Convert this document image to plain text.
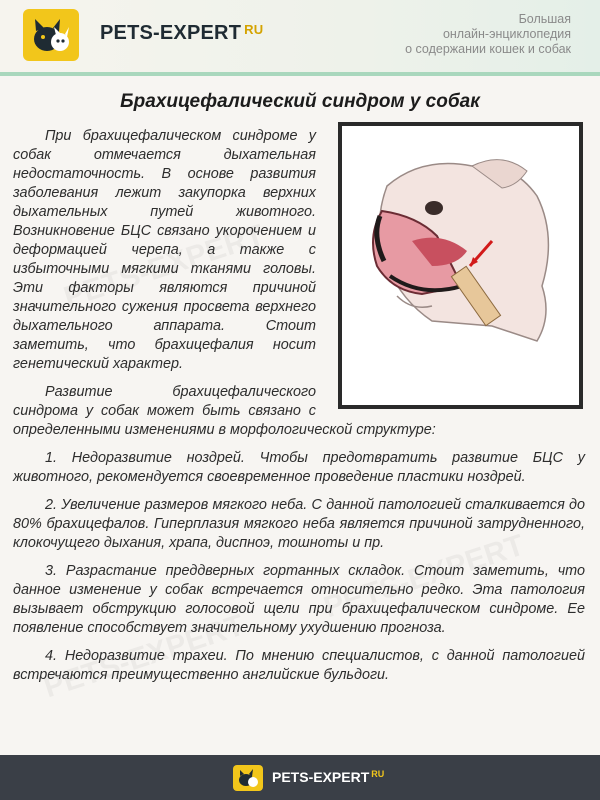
PETS-EXPERT $^{RU}$
Большая
онлайн-энциклопедия
о содержании кошек и собак
Брахицефалический синдром у собак

При брахицефалическом синдроме у собак отмечается дыхательная недостаточность. В основе развития заболевания лежит закупорка верхних дыхательных путей животного. Возникновение БЦС связано укорочением и деформацией черепа, а также с избыточными мягкими тканями головы. Эти факторы являются причиной значительного сужения просвета верхнего дыхательного аппарата. Стоит заметить, что брахицефалия носит генетический характер.

Развитие брахицефалического синдрома у собак может быть связано с определенными изменениями в морфологической структуре:

1. Недоразвитие ноздрей. Чтобы предотвратить развитие БЦС у животного, рекомендуется своевременное проведение пластики ноздрей.

2. Увеличение размеров мягкого неба. С данной патологией сталкивается до 80% брахицефалов. Гиперплазия мягкого неба является причиной затрудненного, клокочущего дыхания, храпа, диспноэ, тошноты и пр.

3. Разрастание преддверных гортанных складок. Стоит заметить, что данное изменение у собак встречается относительно редко. Эта патология вызывает обструкцию голосовой щели при брахицефалическом синдроме. Ее появление способствует значительному ухудшению прогноза.

4. Недоразвитие трахеи. По мнению специалистов, с данной патологией встречаются преимущественно английские бульдоги.

PETS-EXPERT $^{RU}$
